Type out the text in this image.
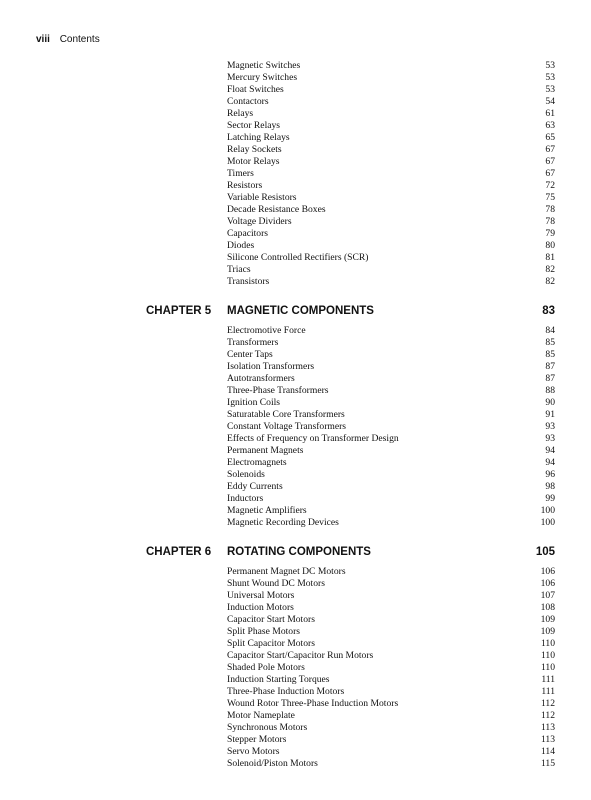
viii Contents
Magnetic Switches	53
Mercury Switches	53
Float Switches	53
Contactors	54
Relays	61
Sector Relays	63
Latching Relays	65
Relay Sockets	67
Motor Relays	67
Timers	67
Resistors	72
Variable Resistors	75
Decade Resistance Boxes	78
Voltage Dividers	78
Capacitors	79
Diodes	80
Silicone Controlled Rectifiers (SCR)	81
Triacs	82
Transistors	82
CHAPTER 5	MAGNETIC COMPONENTS	83
Electromotive Force	84
Transformers	85
Center Taps	85
Isolation Transformers	87
Autotransformers	87
Three-Phase Transformers	88
Ignition Coils	90
Saturatable Core Transformers	91
Constant Voltage Transformers	93
Effects of Frequency on Transformer Design	93
Permanent Magnets	94
Electromagnets	94
Solenoids	96
Eddy Currents	98
Inductors	99
Magnetic Amplifiers	100
Magnetic Recording Devices	100
CHAPTER 6	ROTATING COMPONENTS	105
Permanent Magnet DC Motors	106
Shunt Wound DC Motors	106
Universal Motors	107
Induction Motors	108
Capacitor Start Motors	109
Split Phase Motors	109
Split Capacitor Motors	110
Capacitor Start/Capacitor Run Motors	110
Shaded Pole Motors	110
Induction Starting Torques	111
Three-Phase Induction Motors	111
Wound Rotor Three-Phase Induction Motors	112
Motor Nameplate	112
Synchronous Motors	113
Stepper Motors	113
Servo Motors	114
Solenoid/Piston Motors	115
